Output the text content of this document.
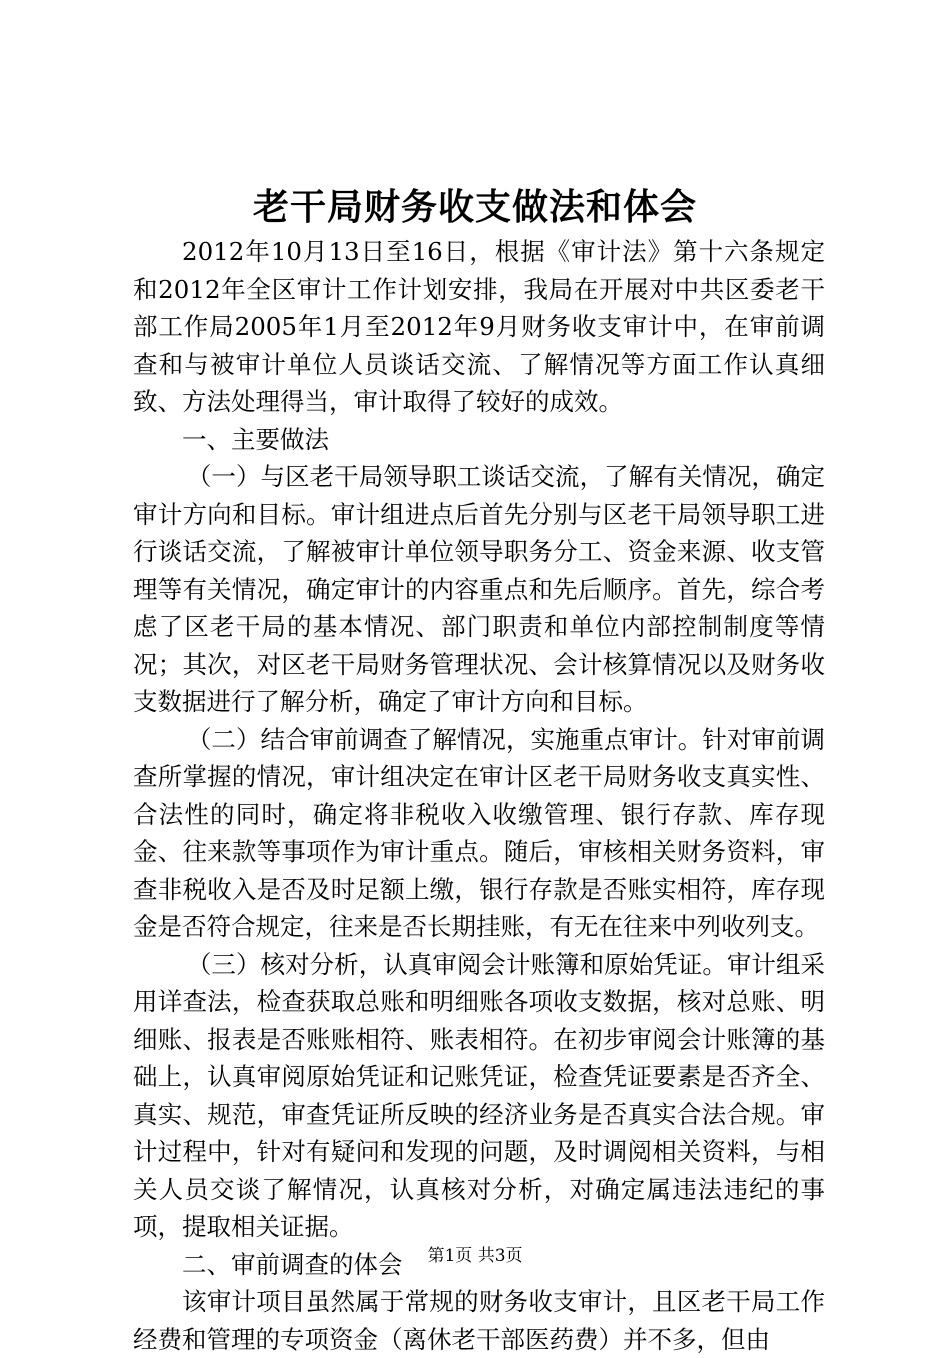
老干局财务收支做法和体会

2012年10月13日至16日，根据《审计法》第十六条规定和2012年全区审计工作计划安排，我局在开展对中共区委老干部工作局2005年1月至2012年9月财务收支审计中，在审前调查和与被审计单位人员谈话交流、了解情况等方面工作认真细致、方法处理得当，审计取得了较好的成效。

一、主要做法

（一）与区老干局领导职工谈话交流，了解有关情况，确定审计方向和目标。审计组进点后首先分别与区老干局领导职工进行谈话交流，了解被审计单位领导职务分工、资金来源、收支管理等有关情况，确定审计的内容重点和先后顺序。首先，综合考虑了区老干局的基本情况、部门职责和单位内部控制制度等情况；其次，对区老干局财务管理状况、会计核算情况以及财务收支数据进行了解分析，确定了审计方向和目标。

（二）结合审前调查了解情况，实施重点审计。针对审前调查所掌握的情况，审计组决定在审计区老干局财务收支真实性、合法性的同时，确定将非税收入收缴管理、银行存款、库存现金、往来款等事项作为审计重点。随后，审核相关财务资料，审查非税收入是否及时足额上缴，银行存款是否账实相符，库存现金是否符合规定，往来是否长期挂账，有无在往来中列收列支。

（三）核对分析，认真审阅会计账簿和原始凭证。审计组采用详查法，检查获取总账和明细账各项收支数据，核对总账、明细账、报表是否账账相符、账表相符。在初步审阅会计账簿的基础上，认真审阅原始凭证和记账凭证，检查凭证要素是否齐全、真实、规范，审查凭证所反映的经济业务是否真实合法合规。审计过程中，针对有疑问和发现的问题，及时调阅相关资料，与相关人员交谈了解情况，认真核对分析，对确定属违法违纪的事项，提取相关证据。

二、审前调查的体会

该审计项目虽然属于常规的财务收支审计，且区老干局工作经费和管理的专项资金（离休老干部医药费）并不多，但由

第1页 共3页
